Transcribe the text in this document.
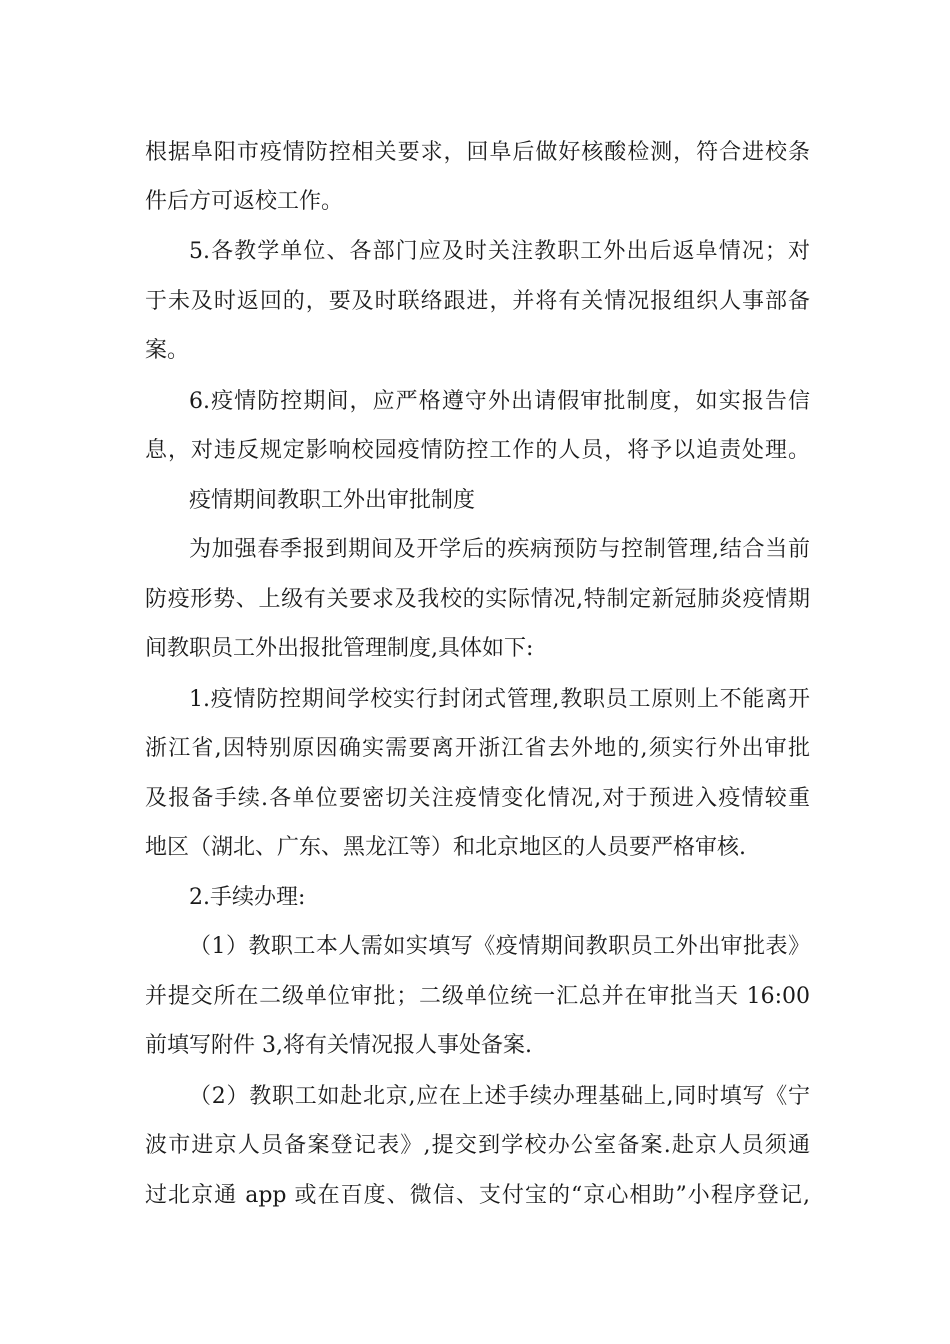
根据阜阳市疫情防控相关要求，回阜后做好核酸检测，符合进校条
件后方可返校工作。
5.各教学单位、各部门应及时关注教职工外出后返阜情况；对
于未及时返回的，要及时联络跟进，并将有关情况报组织人事部备
案。
6.疫情防控期间，应严格遵守外出请假审批制度，如实报告信
息，对违反规定影响校园疫情防控工作的人员，将予以追责处理。
疫情期间教职工外出审批制度
为加强春季报到期间及开学后的疾病预防与控制管理,结合当前
防疫形势、上级有关要求及我校的实际情况,特制定新冠肺炎疫情期
间教职员工外出报批管理制度,具体如下:
1.疫情防控期间学校实行封闭式管理,教职员工原则上不能离开
浙江省,因特别原因确实需要离开浙江省去外地的,须实行外出审批
及报备手续.各单位要密切关注疫情变化情况,对于预进入疫情较重
地区（湖北、广东、黑龙江等）和北京地区的人员要严格审核.
2.手续办理:
（1）教职工本人需如实填写《疫情期间教职员工外出审批表》
并提交所在二级单位审批；二级单位统一汇总并在审批当天 16:00
前填写附件 3,将有关情况报人事处备案.
（2）教职工如赴北京,应在上述手续办理基础上,同时填写《宁
波市进京人员备案登记表》,提交到学校办公室备案.赴京人员须通
过北京通 app 或在百度、微信、支付宝的“京心相助”小程序登记,
